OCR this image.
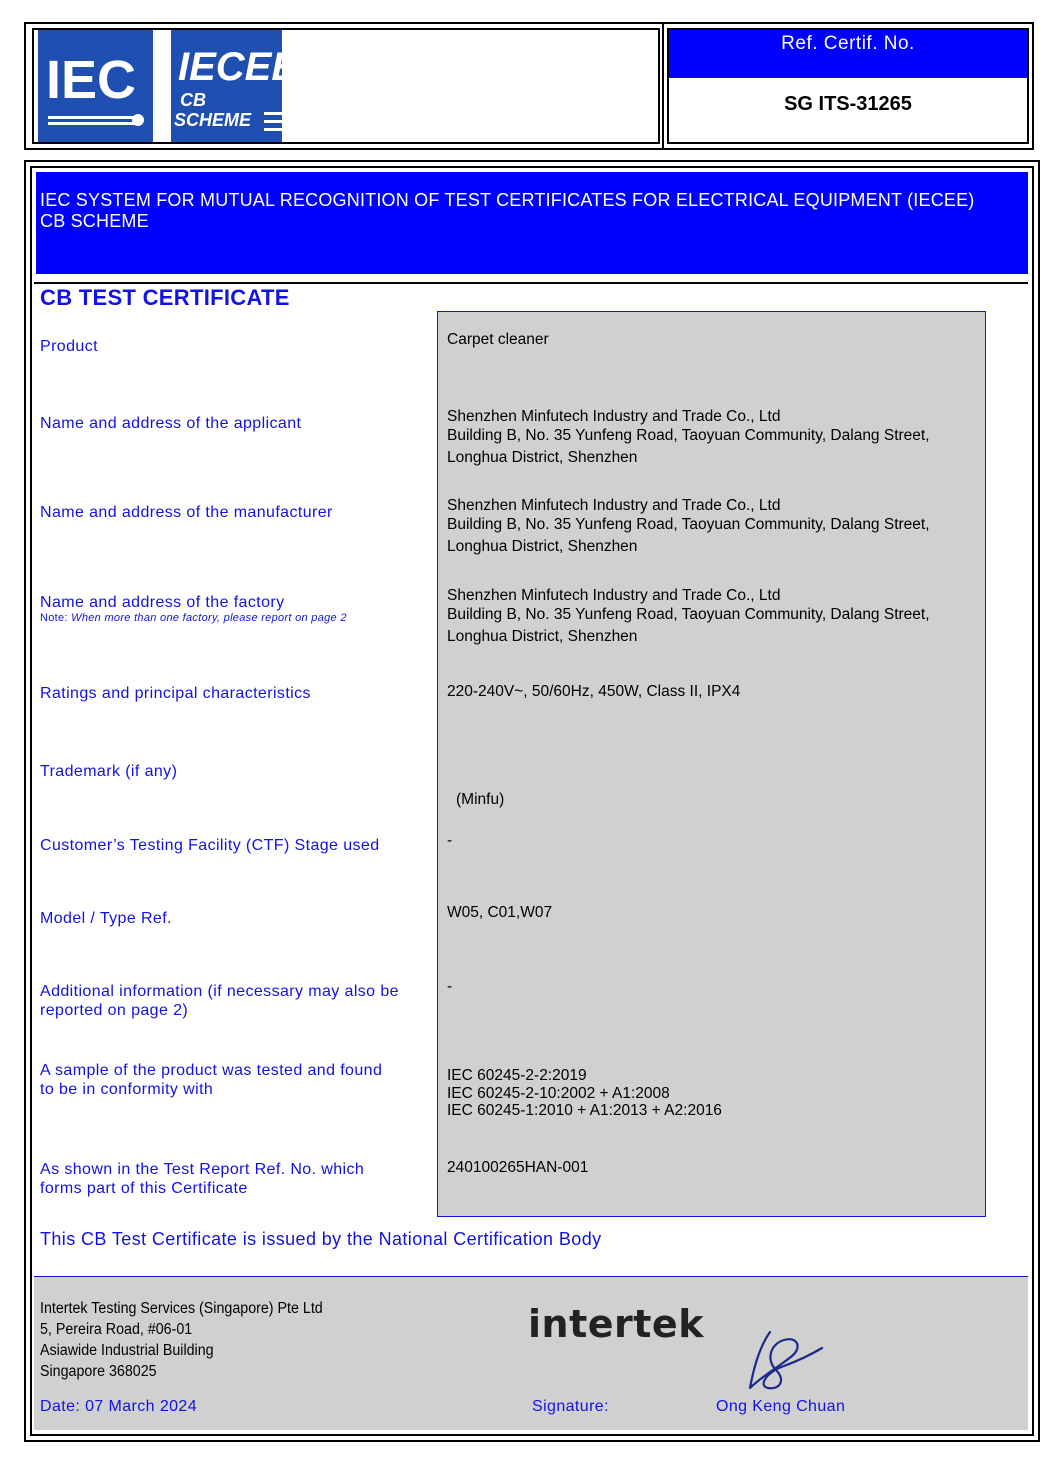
IEC IECEE
CB
SCHEME
Ref. Certif. No.
SG ITS-31265
IEC SYSTEM FOR MUTUAL RECOGNITION OF TEST CERTIFICATES FOR ELECTRICAL EQUIPMENT (IECEE)
CB SCHEME
CB TEST CERTIFICATE
Product
Name and address of the applicant
Name and address of the manufacturer
Name and address of the factory
Note: When more than one factory, please report on page 2
Ratings and principal characteristics
Trademark (if any)
Customer’s Testing Facility (CTF) Stage used
Model / Type Ref.
Additional information (if necessary may also be
reported on page 2)
A sample of the product was tested and found
to be in conformity with
As shown in the Test Report Ref. No. which
forms part of this Certificate
Carpet cleaner
Shenzhen Minfutech Industry and Trade Co., Ltd
Building B, No. 35 Yunfeng Road, Taoyuan Community, Dalang Street,
Longhua District, Shenzhen
Shenzhen Minfutech Industry and Trade Co., Ltd
Building B, No. 35 Yunfeng Road, Taoyuan Community, Dalang Street,
Longhua District, Shenzhen
Shenzhen Minfutech Industry and Trade Co., Ltd
Building B, No. 35 Yunfeng Road, Taoyuan Community, Dalang Street,
Longhua District, Shenzhen
220-240V~, 50/60Hz, 450W, Class II, IPX4
(Minfu)
-
W05, C01,W07
-
IEC 60245-2-2:2019
IEC 60245-2-10:2002 + A1:2008
IEC 60245-1:2010 + A1:2013 + A2:2016
240100265HAN-001
This CB Test Certificate is issued by the National Certification Body
Intertek Testing Services (Singapore) Pte Ltd
5, Pereira Road, #06-01
Asiawide Industrial Building
Singapore 368025
intertek
Date: 07 March 2024	Signature:	Ong Keng Chuan
